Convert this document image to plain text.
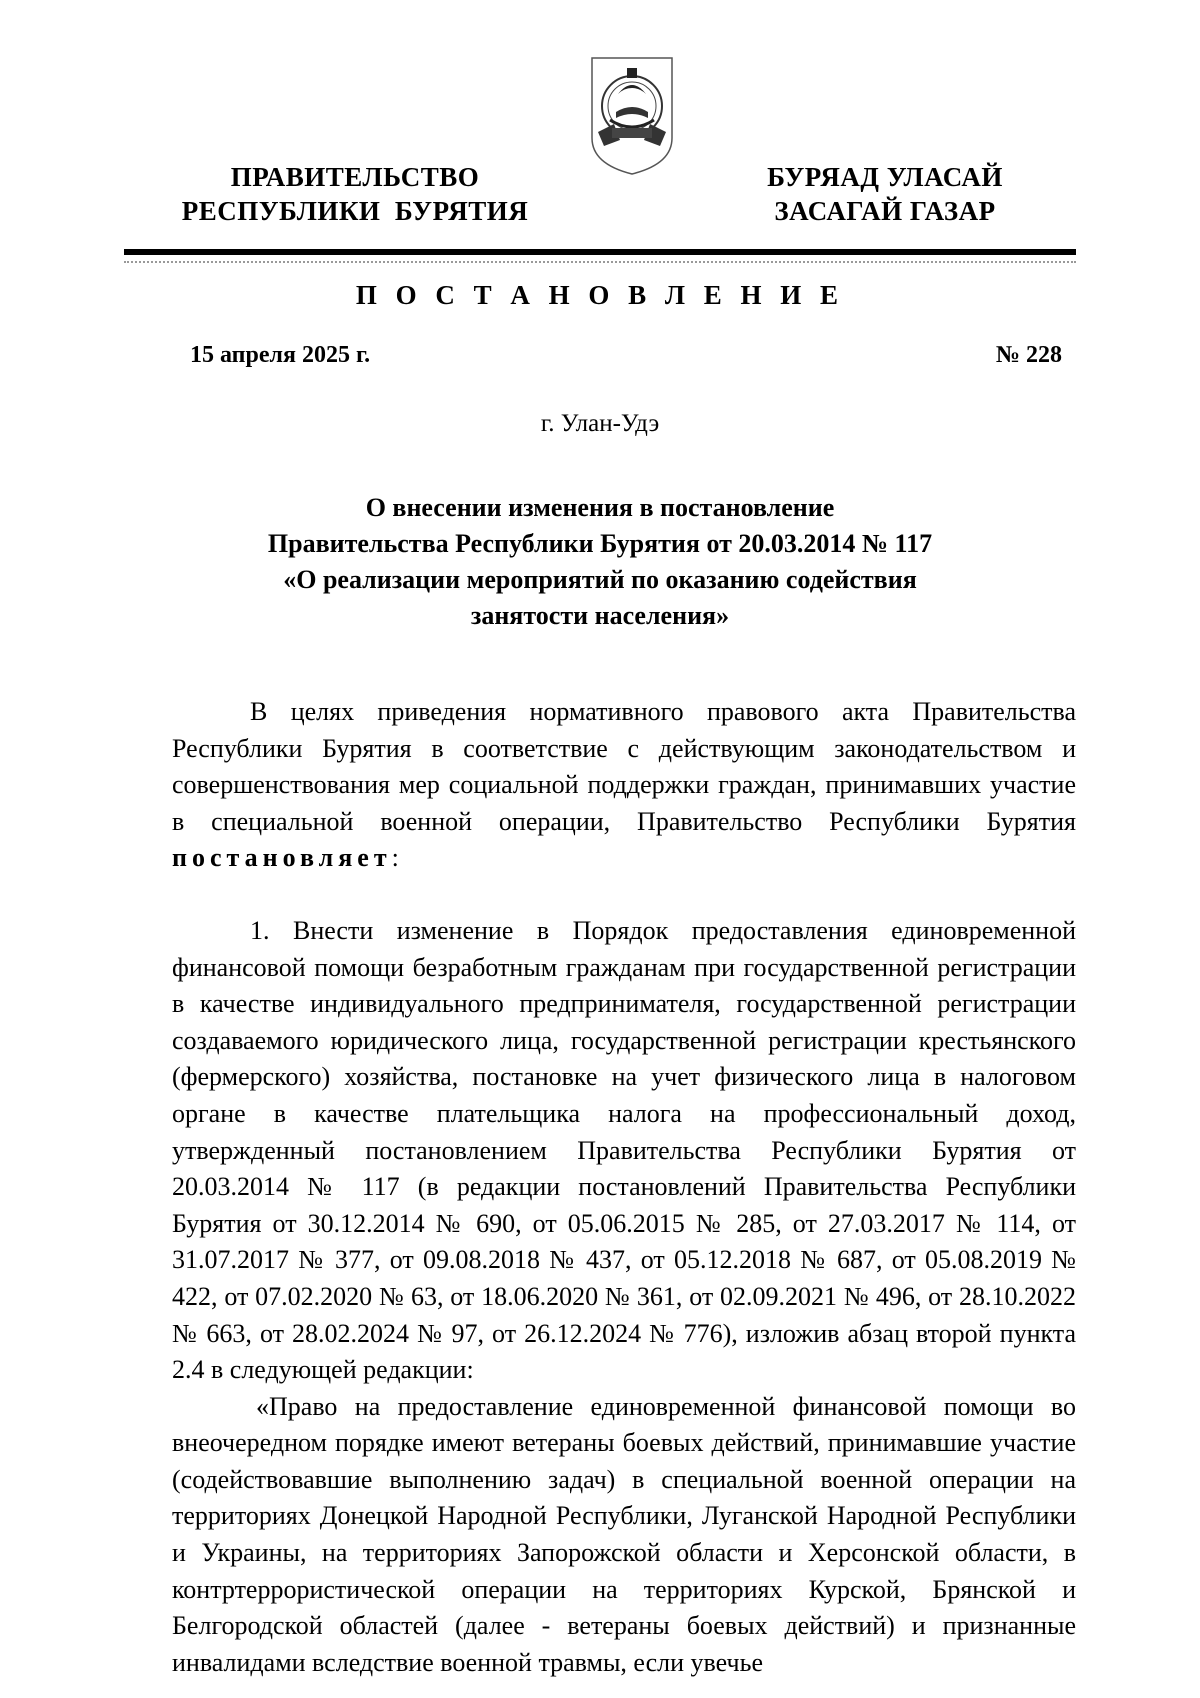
ПРАВИТЕЛЬСТВО
РЕСПУБЛИКИ  БУРЯТИЯ
БУРЯАД УЛАСАЙ
ЗАСАГАЙ ГАЗАР
П О С Т А Н О В Л Е Н И Е
15 апреля 2025 г.	№ 228
г. Улан-Удэ
О внесении изменения в постановление
Правительства Республики Бурятия от 20.03.2014 № 117
«О реализации мероприятий по оказанию содействия
занятости населения»

В целях приведения нормативного правового акта Правительства Республики Бурятия в соответствие с действующим законодательством и совершенствования мер социальной поддержки граждан, принимавших участие в специальной военной операции, Правительство Республики Бурятия постановляет:

1. Внести изменение в Порядок предоставления единовременной финансовой помощи безработным гражданам при государственной регистрации в качестве индивидуального предпринимателя, государственной регистрации создаваемого юридического лица, государственной регистрации крестьянского (фермерского) хозяйства, постановке на учет физического лица в налоговом органе в качестве плательщика налога на профессиональный доход, утвержденный постановлением Правительства Республики Бурятия от 20.03.2014 № 117 (в редакции постановлений Правительства Республики Бурятия от 30.12.2014 № 690, от 05.06.2015 № 285, от 27.03.2017 № 114, от 31.07.2017 № 377, от 09.08.2018 № 437, от 05.12.2018 № 687, от 05.08.2019 № 422, от 07.02.2020 № 63, от 18.06.2020 № 361, от 02.09.2021 № 496, от 28.10.2022 № 663, от 28.02.2024 № 97, от 26.12.2024 № 776), изложив абзац второй пункта 2.4 в следующей редакции:

«Право на предоставление единовременной финансовой помощи во внеочередном порядке имеют ветераны боевых действий, принимавшие участие (содействовавшие выполнению задач) в специальной военной операции на территориях Донецкой Народной Республики, Луганской Народной Республики и Украины, на территориях Запорожской области и Херсонской области, в контртеррористической операции на территориях Курской, Брянской и Белгородской областей (далее - ветераны боевых действий) и признанные инвалидами вследствие военной травмы, если увечье
